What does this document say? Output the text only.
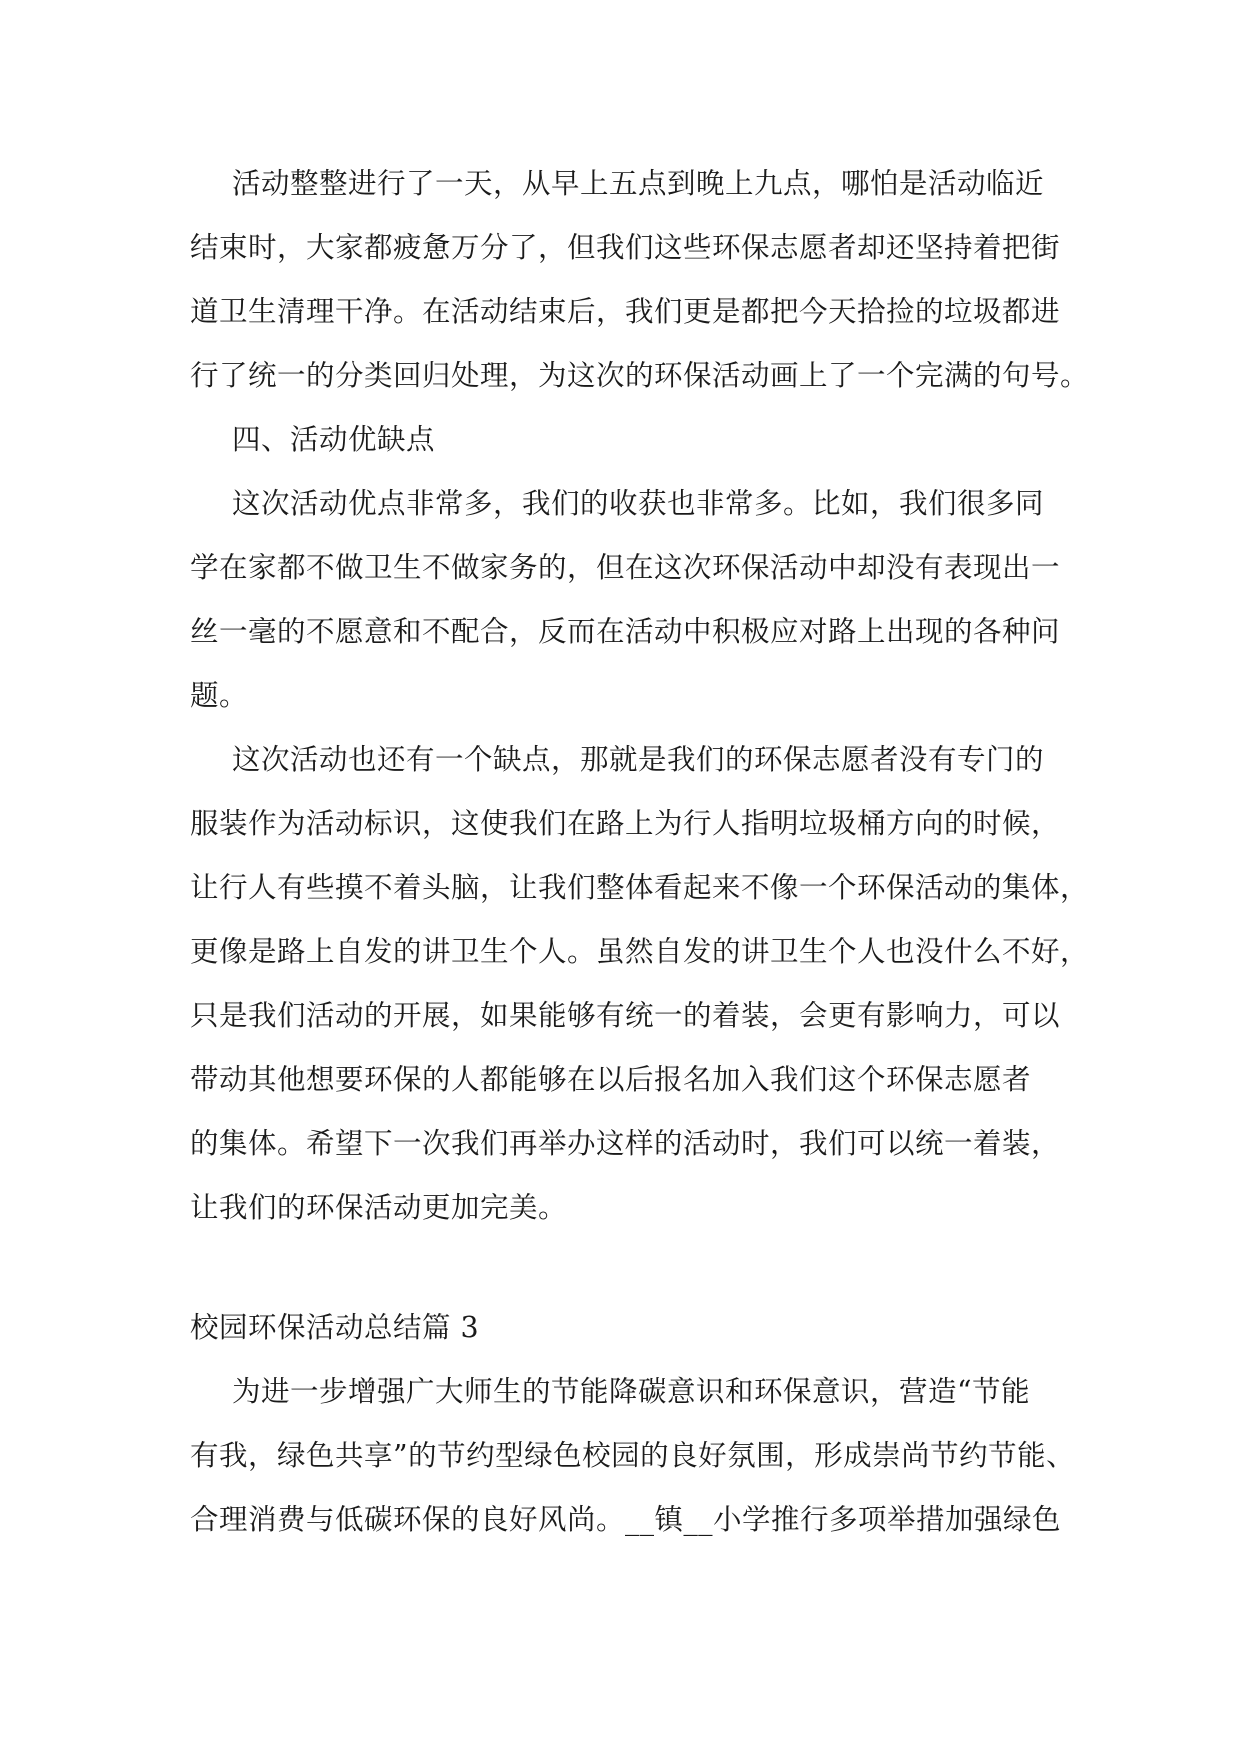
活动整整进行了一天，从早上五点到晚上九点，哪怕是活动临近
结束时，大家都疲惫万分了，但我们这些环保志愿者却还坚持着把街
道卫生清理干净。在活动结束后，我们更是都把今天拾捡的垃圾都进
行了统一的分类回归处理，为这次的环保活动画上了一个完满的句号。
四、活动优缺点
这次活动优点非常多，我们的收获也非常多。比如，我们很多同
学在家都不做卫生不做家务的，但在这次环保活动中却没有表现出一
丝一毫的不愿意和不配合，反而在活动中积极应对路上出现的各种问
题。
这次活动也还有一个缺点，那就是我们的环保志愿者没有专门的
服装作为活动标识，这使我们在路上为行人指明垃圾桶方向的时候，
让行人有些摸不着头脑，让我们整体看起来不像一个环保活动的集体，
更像是路上自发的讲卫生个人。虽然自发的讲卫生个人也没什么不好，
只是我们活动的开展，如果能够有统一的着装，会更有影响力，可以
带动其他想要环保的人都能够在以后报名加入我们这个环保志愿者
的集体。希望下一次我们再举办这样的活动时，我们可以统一着装，
让我们的环保活动更加完美。
校园环保活动总结篇 3
为进一步增强广大师生的节能降碳意识和环保意识，营造“节能
有我，绿色共享”的节约型绿色校园的良好氛围，形成崇尚节约节能、
合理消费与低碳环保的良好风尚。__镇__小学推行多项举措加强绿色
